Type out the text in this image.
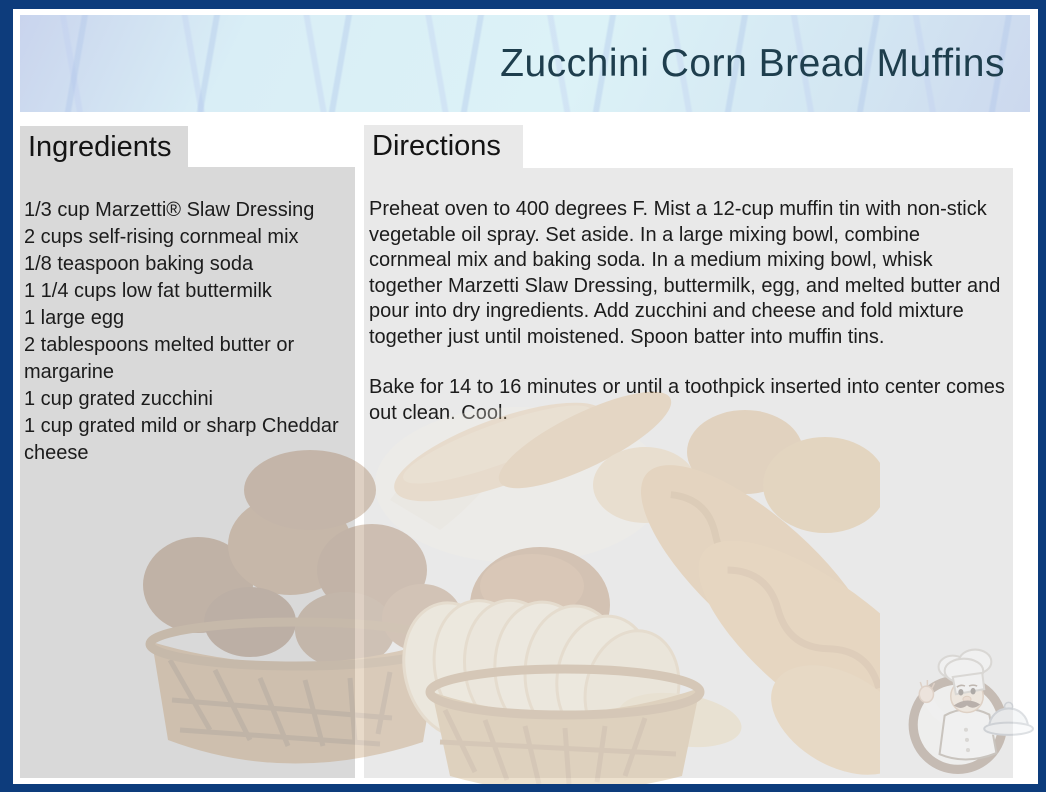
Zucchini Corn Bread Muffins
Ingredients
1/3 cup Marzetti® Slaw Dressing
2 cups self-rising cornmeal mix
1/8 teaspoon baking soda
1 1/4 cups low fat buttermilk
1 large egg
2 tablespoons melted butter or margarine
1 cup grated zucchini
1 cup grated mild or sharp Cheddar cheese
Directions

Preheat oven to 400 degrees F. Mist a 12-cup muffin tin with non-stick vegetable oil spray. Set aside. In a large mixing bowl, combine cornmeal mix and baking soda. In a medium mixing bowl, whisk together Marzetti Slaw Dressing, buttermilk, egg, and melted butter and pour into dry ingredients. Add zucchini and cheese and fold mixture together just until moistened. Spoon batter into muffin tins.

Bake for 14 to 16 minutes or until a toothpick inserted into center comes out clean. Cool.
